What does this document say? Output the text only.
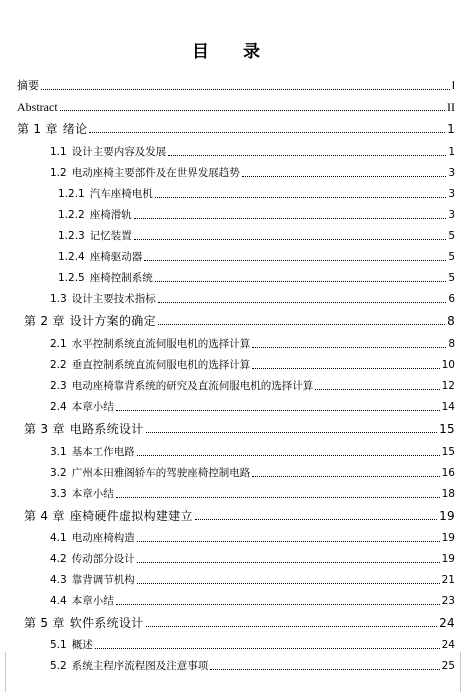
目 录
摘要	I
Abstract	II
第 1 章 绪论	1
1.1 设计主要内容及发展	1
1.2 电动座椅主要部件及在世界发展趋势	3
1.2.1 汽车座椅电机	3
1.2.2 座椅滑轨	3
1.2.3 记忆装置	5
1.2.4 座椅驱动器	5
1.2.5 座椅控制系统	5
1.3 设计主要技术指标	6
第 2 章 设计方案的确定	8
2.1 水平控制系统直流伺服电机的选择计算	8
2.2 垂直控制系统直流伺服电机的选择计算	10
2.3 电动座椅靠背系统的研究及直流伺服电机的选择计算	12
2.4 本章小结	14
第 3 章 电路系统设计	15
3.1 基本工作电路	15
3.2 广州本田雅阁轿车的驾驶座椅控制电路	16
3.3 本章小结	18
第 4 章 座椅硬件虚拟构建建立	19
4.1 电动座椅构造	19
4.2 传动部分设计	19
4.3 靠背调节机构	21
4.4 本章小结	23
第 5 章 软件系统设计	24
5.1 概述	24
5.2 系统主程序流程图及注意事项	25
